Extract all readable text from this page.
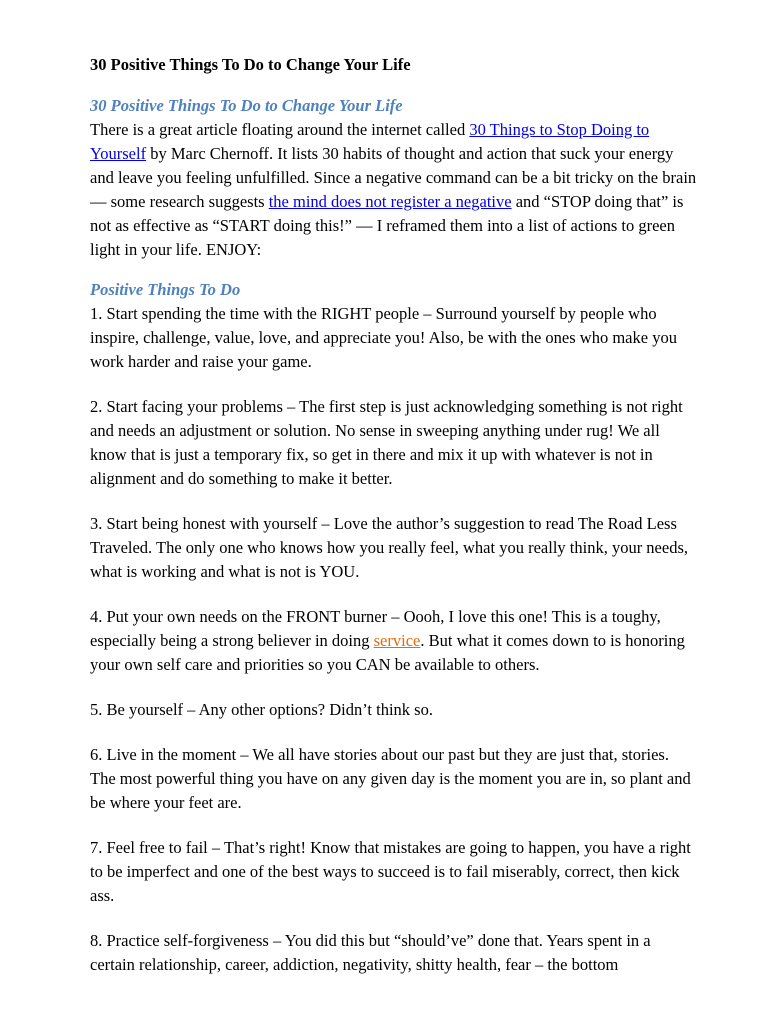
30 Positive Things To Do to Change Your Life

30 Positive Things To Do to Change Your Life

There is a great article floating around the internet called 30 Things to Stop Doing to Yourself by Marc Chernoff. It lists 30 habits of thought and action that suck your energy and leave you feeling unfulfilled. Since a negative command can be a bit tricky on the brain — some research suggests the mind does not register a negative and “STOP doing that” is not as effective as “START doing this!” — I reframed them into a list of actions to green light in your life. ENJOY:

Positive Things To Do

1. Start spending the time with the RIGHT people – Surround yourself by people who inspire, challenge, value, love, and appreciate you! Also, be with the ones who make you work harder and raise your game.

2. Start facing your problems – The first step is just acknowledging something is not right and needs an adjustment or solution. No sense in sweeping anything under rug! We all know that is just a temporary fix, so get in there and mix it up with whatever is not in alignment and do something to make it better.

3. Start being honest with yourself – Love the author’s suggestion to read The Road Less Traveled. The only one who knows how you really feel, what you really think, your needs, what is working and what is not is YOU.

4. Put your own needs on the FRONT burner – Oooh, I love this one! This is a toughy, especially being a strong believer in doing service. But what it comes down to is honoring your own self care and priorities so you CAN be available to others.

5. Be yourself – Any other options? Didn’t think so.

6. Live in the moment – We all have stories about our past but they are just that, stories. The most powerful thing you have on any given day is the moment you are in, so plant and be where your feet are.

7. Feel free to fail – That’s right! Know that mistakes are going to happen, you have a right to be imperfect and one of the best ways to succeed is to fail miserably, correct, then kick ass.

8. Practice self-forgiveness – You did this but “should’ve” done that. Years spent in a certain relationship, career, addiction, negativity, shitty health, fear – the bottom
